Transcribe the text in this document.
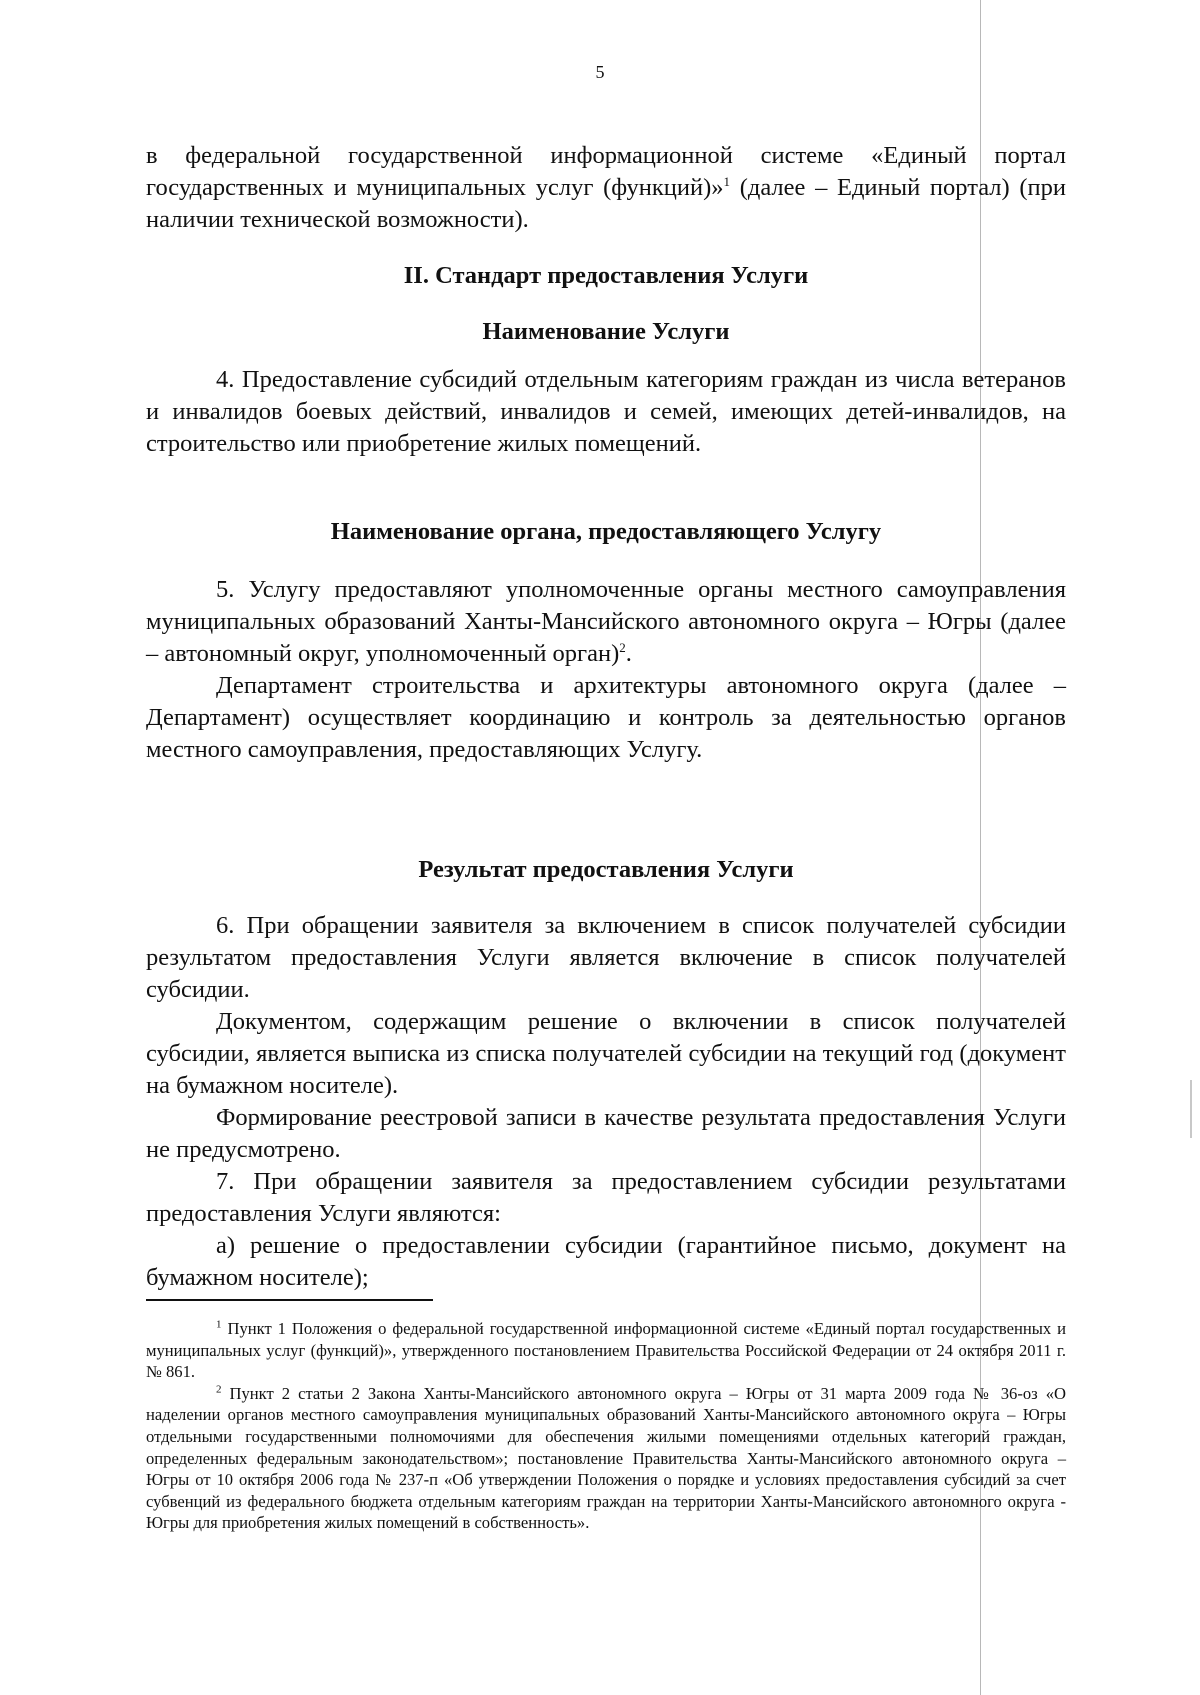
5

в федеральной государственной информационной системе «Единый портал государственных и муниципальных услуг (функций)»$^1$ (далее – Единый портал) (при наличии технической возможности).

II. Стандарт предоставления Услуги
Наименование Услуги

4. Предоставление субсидий отдельным категориям граждан из числа ветеранов и инвалидов боевых действий, инвалидов и семей, имеющих детей-инвалидов, на строительство или приобретение жилых помещений.

Наименование органа, предоставляющего Услугу

5. Услугу предоставляют уполномоченные органы местного самоуправления муниципальных образований Ханты-Мансийского автономного округа – Югры (далее – автономный округ, уполномоченный орган)$^2$.

Департамент строительства и архитектуры автономного округа (далее – Департамент) осуществляет координацию и контроль за деятельностью органов местного самоуправления, предоставляющих Услугу.

Результат предоставления Услуги

6. При обращении заявителя за включением в список получателей субсидии результатом предоставления Услуги является включение в список получателей субсидии.

Документом, содержащим решение о включении в список получателей субсидии, является выписка из списка получателей субсидии на текущий год (документ на бумажном носителе).

Формирование реестровой записи в качестве результата предоставления Услуги не предусмотрено.

7. При обращении заявителя за предоставлением субсидии результатами предоставления Услуги являются:

а) решение о предоставлении субсидии (гарантийное письмо, документ на бумажном носителе);

$^1$ Пункт 1 Положения о федеральной государственной информационной системе «Единый портал государственных и муниципальных услуг (функций)», утвержденного постановлением Правительства Российской Федерации от 24 октября 2011 г. № 861.

$^2$ Пункт 2 статьи 2 Закона Ханты-Мансийского автономного округа – Югры от 31 марта 2009 года № 36-оз «О наделении органов местного самоуправления муниципальных образований Ханты-Мансийского автономного округа – Югры отдельными государственными полномочиями для обеспечения жилыми помещениями отдельных категорий граждан, определенных федеральным законодательством»; постановление Правительства Ханты-Мансийского автономного округа – Югры от 10 октября 2006 года № 237-п «Об утверждении Положения о порядке и условиях предоставления субсидий за счет субвенций из федерального бюджета отдельным категориям граждан на территории Ханты-Мансийского автономного округа - Югры для приобретения жилых помещений в собственность».
